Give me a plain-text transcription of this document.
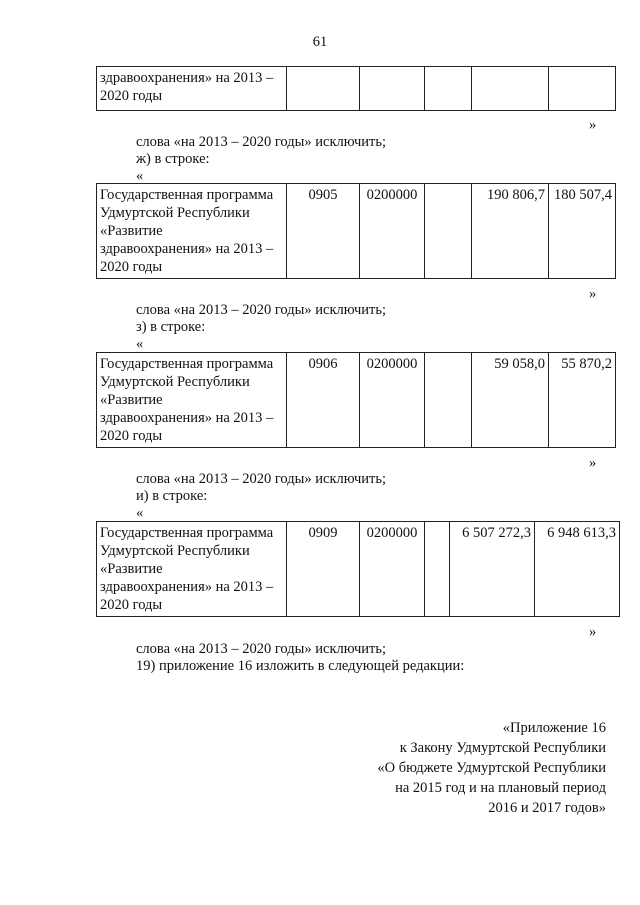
61
здравоохранения» на 2013 –
2020 годы

»
слова «на 2013 – 2020 годы» исключить;
ж) в строке:
«
Государственная программа
Удмуртской Республики
«Развитие
здравоохранения» на 2013 –
2020 годы
	0905	0200000		190 806,7	180 507,4
»
слова «на 2013 – 2020 годы» исключить;
з) в строке:
«
Государственная программа
Удмуртской Республики
«Развитие
здравоохранения» на 2013 –
2020 годы
	0906	0200000		59 058,0	55 870,2
»
слова «на 2013 – 2020 годы» исключить;
и) в строке:
«
Государственная программа
Удмуртской Республики
«Развитие
здравоохранения» на 2013 –
2020 годы
	0909	0200000		6 507 272,3	6 948 613,3
»
слова «на 2013 – 2020 годы» исключить;
19) приложение 16 изложить в следующей редакции:
«Приложение 16
к Закону Удмуртской Республики
«О бюджете Удмуртской Республики
на 2015 год и на плановый период
2016 и 2017 годов»
